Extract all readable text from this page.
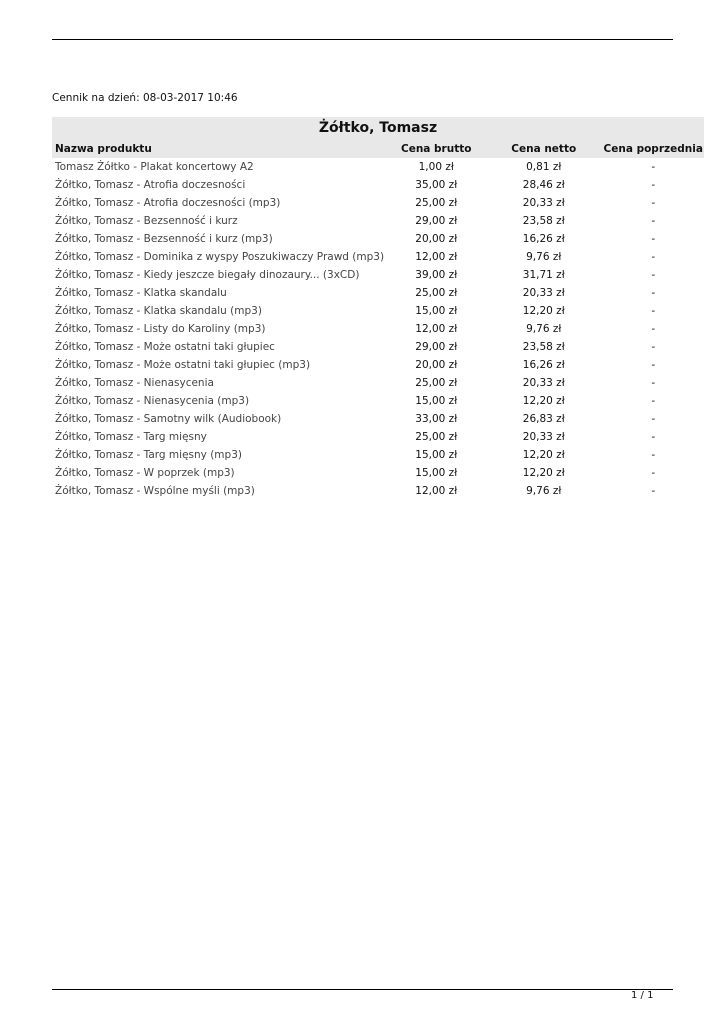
Cennik na dzień: 08-03-2017 10:46
Żółtko, Tomasz
Nazwa produktu	Cena brutto	Cena netto	Cena poprzednia
Tomasz Żółtko - Plakat koncertowy A2	1,00 zł	0,81 zł	-
Żółtko, Tomasz - Atrofia doczesności	35,00 zł	28,46 zł	-
Żółtko, Tomasz - Atrofia doczesności (mp3)	25,00 zł	20,33 zł	-
Żółtko, Tomasz - Bezsenność i kurz	29,00 zł	23,58 zł	-
Żółtko, Tomasz - Bezsenność i kurz (mp3)	20,00 zł	16,26 zł	-
Żółtko, Tomasz - Dominika z wyspy Poszukiwaczy Prawd (mp3)	12,00 zł	9,76 zł	-
Żółtko, Tomasz - Kiedy jeszcze biegały dinozaury... (3xCD)	39,00 zł	31,71 zł	-
Żółtko, Tomasz - Klatka skandalu	25,00 zł	20,33 zł	-
Żółtko, Tomasz - Klatka skandalu (mp3)	15,00 zł	12,20 zł	-
Żółtko, Tomasz - Listy do Karoliny (mp3)	12,00 zł	9,76 zł	-
Żółtko, Tomasz - Może ostatni taki głupiec	29,00 zł	23,58 zł	-
Żółtko, Tomasz - Może ostatni taki głupiec (mp3)	20,00 zł	16,26 zł	-
Żółtko, Tomasz - Nienasycenia	25,00 zł	20,33 zł	-
Żółtko, Tomasz - Nienasycenia (mp3)	15,00 zł	12,20 zł	-
Żółtko, Tomasz - Samotny wilk (Audiobook)	33,00 zł	26,83 zł	-
Żółtko, Tomasz - Targ mięsny	25,00 zł	20,33 zł	-
Żółtko, Tomasz - Targ mięsny (mp3)	15,00 zł	12,20 zł	-
Żółtko, Tomasz - W poprzek (mp3)	15,00 zł	12,20 zł	-
Żółtko, Tomasz - Wspólne myśli (mp3)	12,00 zł	9,76 zł	-
1 / 1
